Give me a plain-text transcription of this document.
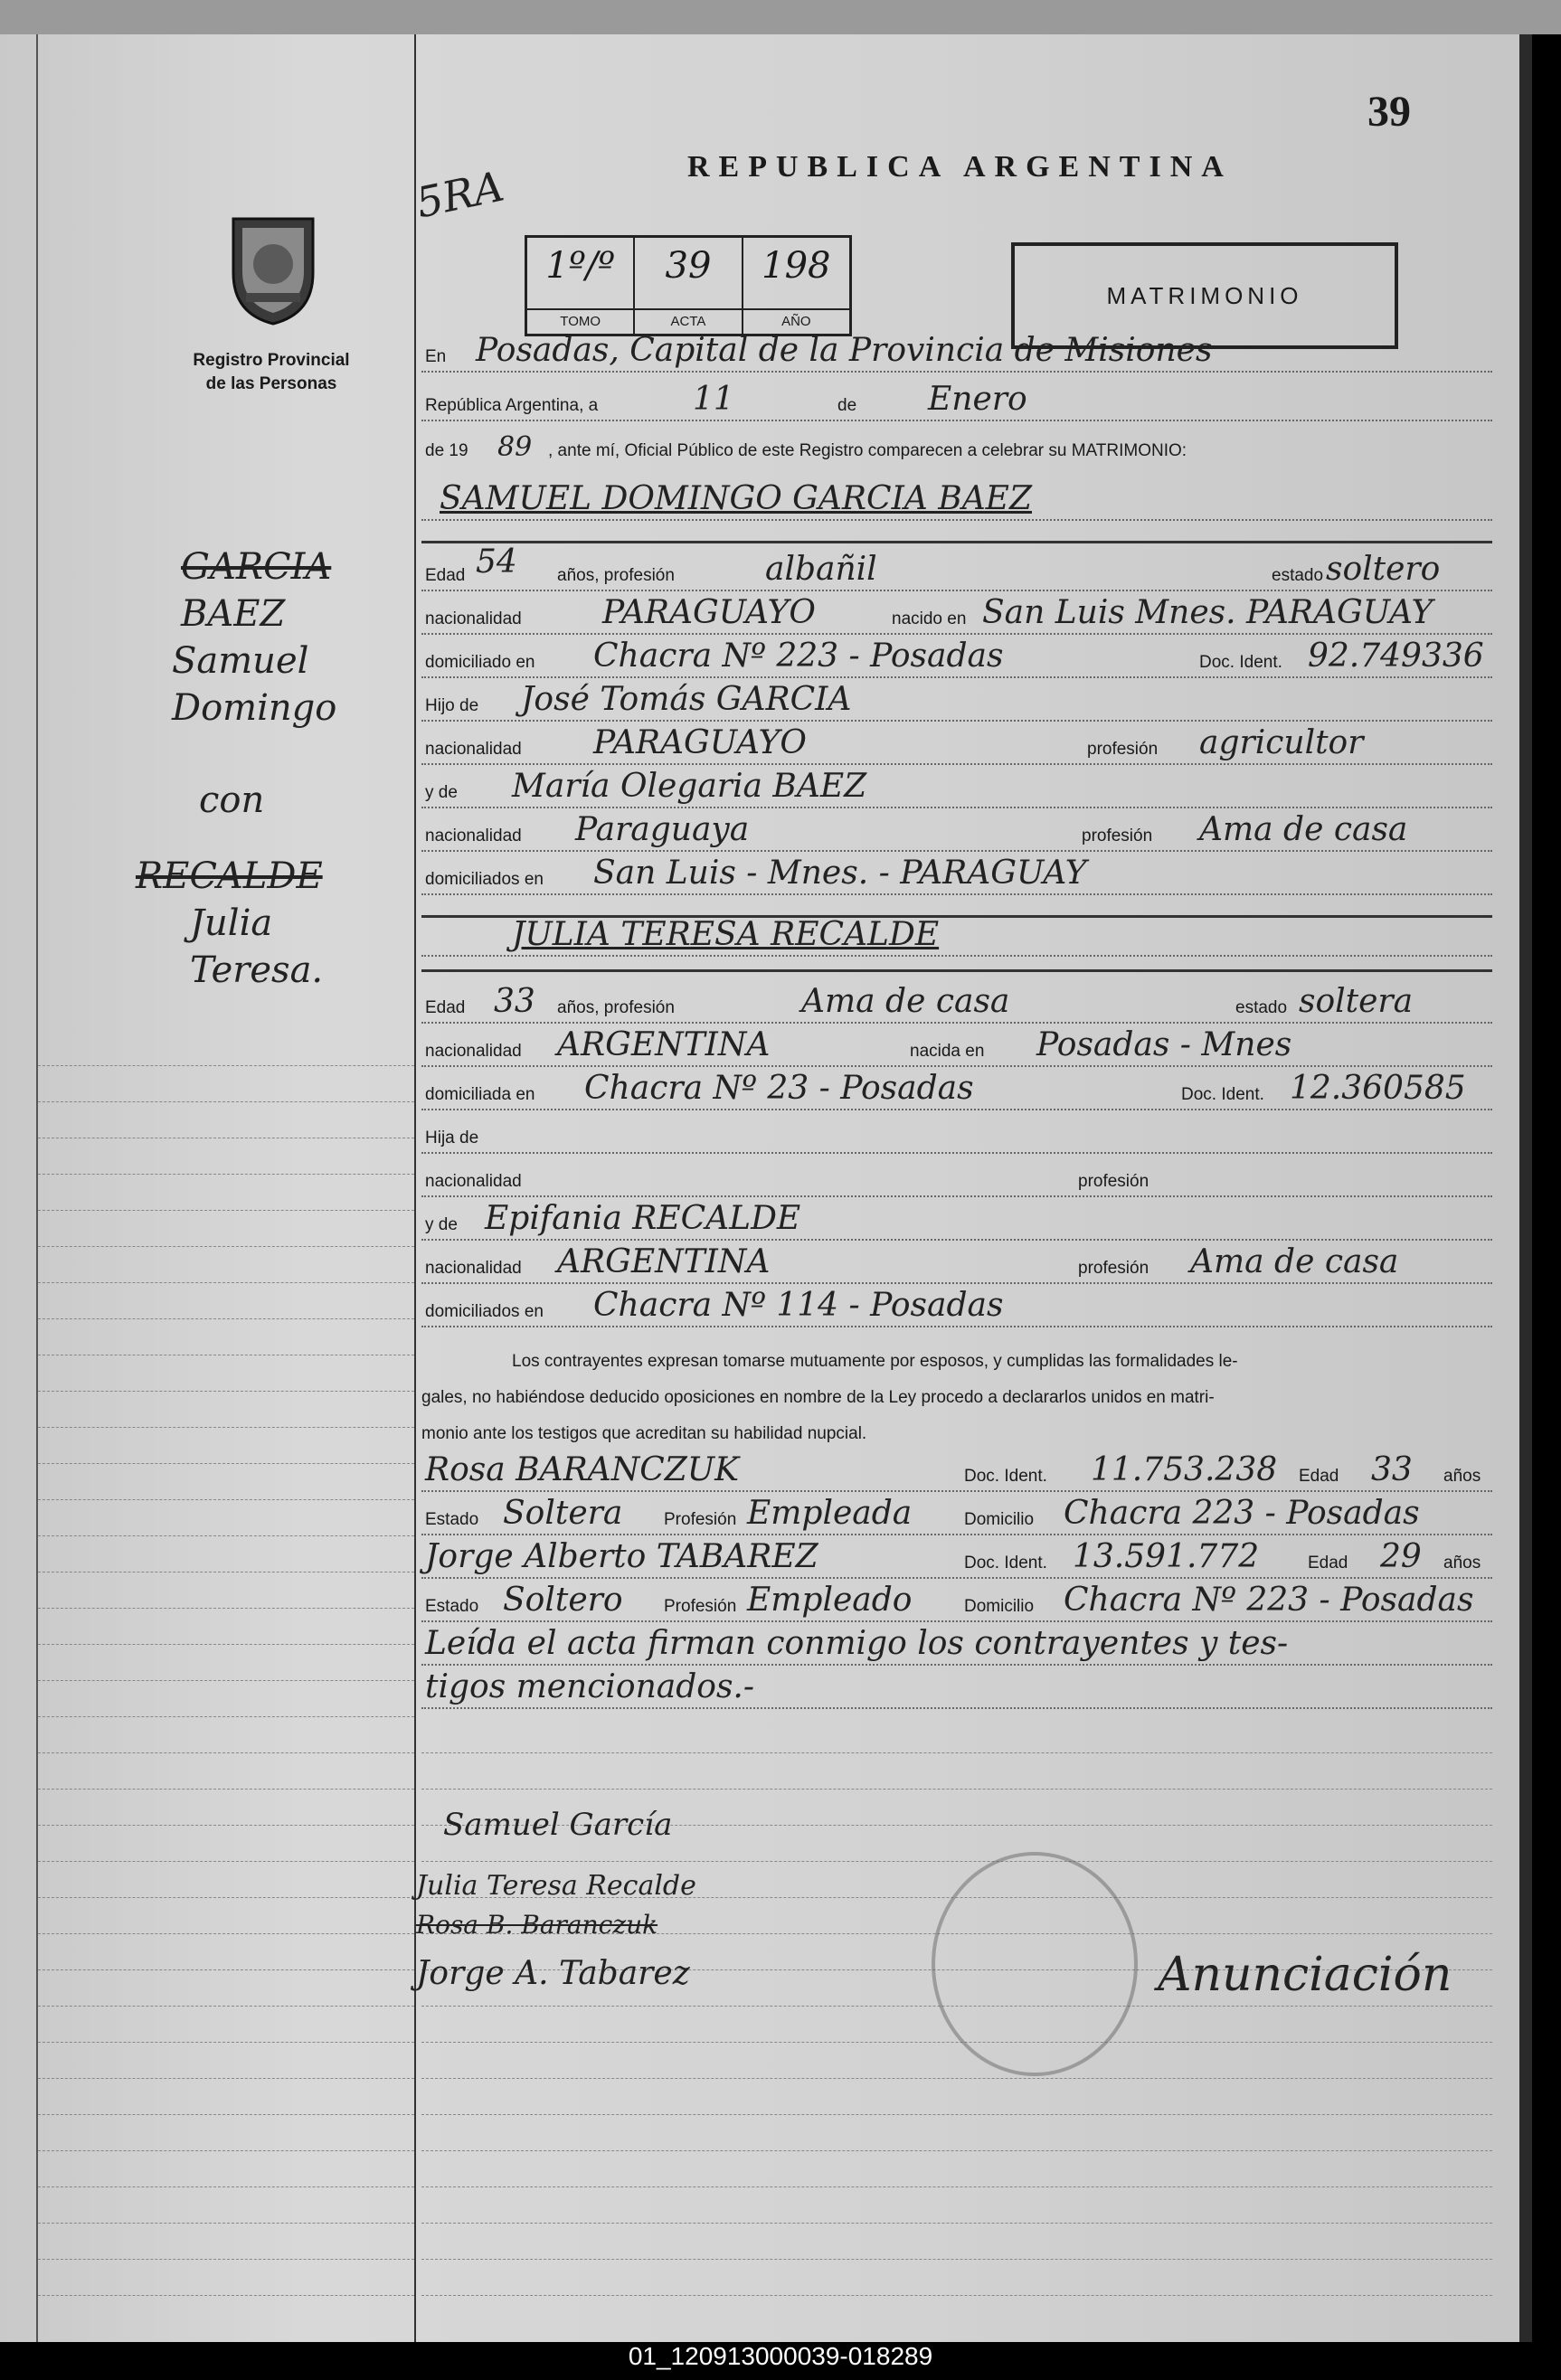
39
REPUBLICA ARGENTINA
MATRIMONIO
5RA
Registro Provincial
de las Personas
1º/º
TOMO
39
ACTA
198
AÑO
GARCIA
BAEZ
Samuel
Domingo
con
RECALDE
Julia
Teresa.
En Posadas, Capital de la Provincia de Misiones
República Argentina, a	11	de Enero
de 19 89 , ante mí, Oficial Público de este Registro comparecen a celebrar su MATRIMONIO:
SAMUEL DOMINGO GARCIA BAEZ
Edad 54 años, profesión	albañil	estado soltero
nacionalidad PARAGUAYO	nacido en San Luis Mnes. PARAGUAY
domiciliado en Chacra Nº 223 - Posadas	Doc. Ident. 92.749336
Hijo de José Tomás GARCIA
nacionalidad PARAGUAYO	profesión agricultor
y de María Olegaria BAEZ
nacionalidad Paraguaya	profesión Ama de casa
domiciliados en San Luis - Mnes. - PARAGUAY
JULIA TERESA RECALDE
Edad 33 años, profesión	Ama de casa	estado soltera
nacionalidad ARGENTINA	nacida en Posadas - Mnes
domiciliada en Chacra Nº 23 - Posadas	Doc. Ident. 12.360585
Hija de
nacionalidad	profesión
y de Epifania RECALDE
nacionalidad ARGENTINA	profesión Ama de casa
domiciliados en Chacra Nº 114 - Posadas
Los contrayentes expresan tomarse mutuamente por esposos, y cumplidas las formalidades le-
gales, no habiéndose deducido oposiciones en nombre de la Ley procedo a declararlos unidos en matri-
monio ante los testigos que acreditan su habilidad nupcial.
Rosa BARANCZUK	Doc. Ident. 11.753.238 Edad 33 años
Estado Soltera Profesión Empleada	Domicilio Chacra 223 - Posadas
Jorge Alberto TABAREZ	Doc. Ident. 13.591.772	Edad 29 años
Estado Soltero Profesión Empleado	Domicilio Chacra Nº 223 - Posadas
Leída el acta firman conmigo los contrayentes y tes-
tigos mencionados.-
Samuel García
Julia Teresa Recalde
Rosa B. Baranczuk
Jorge A. Tabarez	Anunciación
01_120913000039-018289
